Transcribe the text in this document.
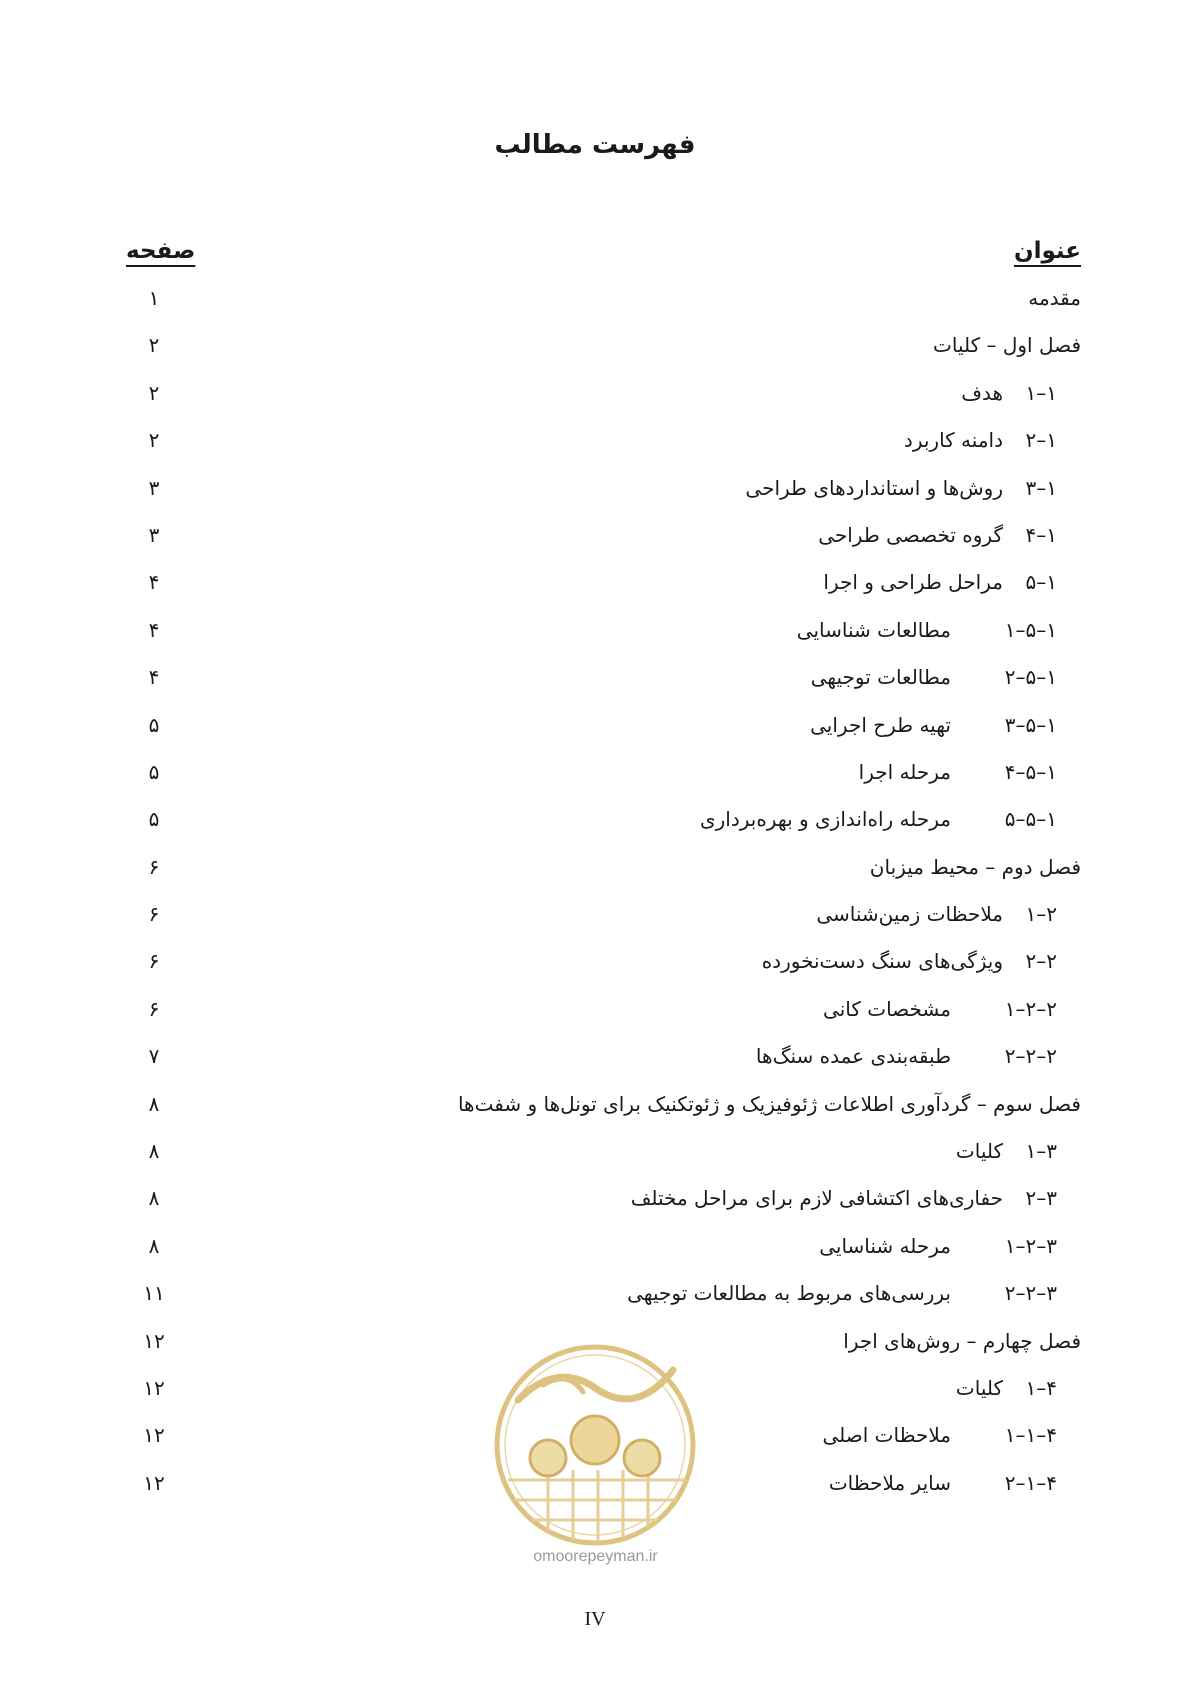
فهرست مطالب
عنوان
صفحه
مقدمه
۱
فصل اول – کلیات
۲
۱–۱
هدف
۲
۱–۲
دامنه کاربرد
۲
۱–۳
روش‌ها و استانداردهای طراحی
۳
۱–۴
گروه تخصصی طراحی
۳
۱–۵
مراحل طراحی و اجرا
۴
۱–۵–۱
مطالعات شناسایی
۴
۱–۵–۲
مطالعات توجیهی
۴
۱–۵–۳
تهیه طرح اجرایی
۵
۱–۵–۴
مرحله اجرا
۵
۱–۵–۵
مرحله راه‌اندازی و بهره‌برداری
۵
فصل دوم – محیط میزبان
۶
۲–۱
ملاحظات زمین‌شناسی
۶
۲–۲
ویژگی‌های سنگ دست‌نخورده
۶
۲–۲–۱
مشخصات کانی
۶
۲–۲–۲
طبقه‌بندی عمده سنگ‌ها
۷
فصل سوم – گردآوری اطلاعات ژئوفیزیک و ژئوتکنیک برای تونل‌ها و شفت‌ها
۸
۳–۱
کلیات
۸
۳–۲
حفاری‌های اکتشافی لازم برای مراحل مختلف
۸
۳–۲–۱
مرحله شناسایی
۸
۳–۲–۲
بررسی‌های مربوط به مطالعات توجیهی
۱۱
فصل چهارم – روش‌های اجرا
۱۲
۴–۱
کلیات
۱۲
۴–۱–۱
ملاحظات اصلی
۱۲
۴–۱–۲
سایر ملاحظات
۱۲
omoorepeyman.ir
IV
